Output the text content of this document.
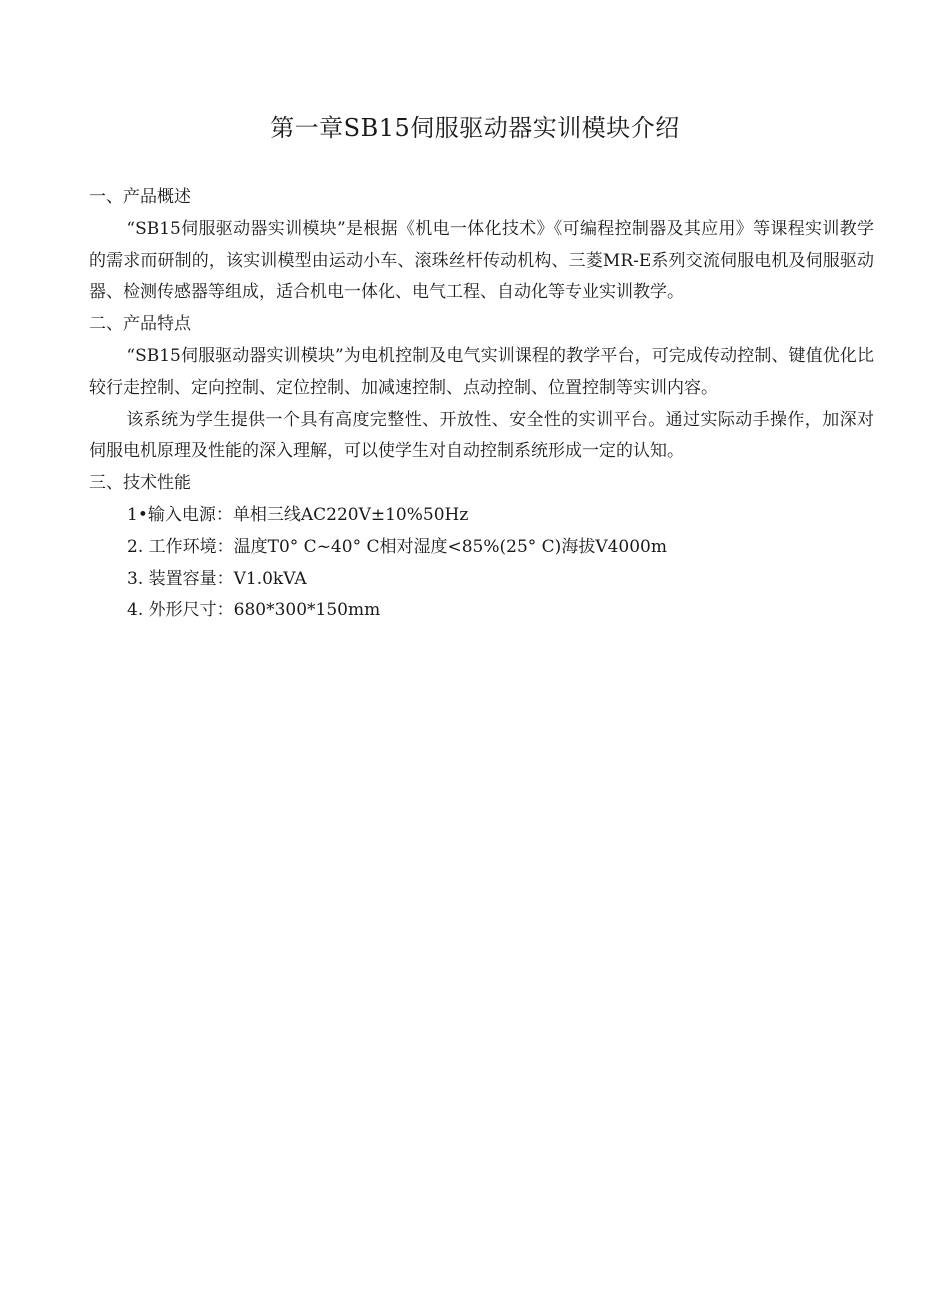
第一章SB15伺服驱动器实训模块介绍

一、产品概述

“SB15伺服驱动器实训模块”是根据《机电一体化技术》《可编程控制器及其应用》等课程实训教学的需求而研制的，该实训模型由运动小车、滚珠丝杆传动机构、三菱MR-E系列交流伺服电机及伺服驱动器、检测传感器等组成，适合机电一体化、电气工程、自动化等专业实训教学。

二、产品特点

“SB15伺服驱动器实训模块”为电机控制及电气实训课程的教学平台，可完成传动控制、键值优化比较行走控制、定向控制、定位控制、加减速控制、点动控制、位置控制等实训内容。

该系统为学生提供一个具有高度完整性、开放性、安全性的实训平台。通过实际动手操作，加深对伺服电机原理及性能的深入理解，可以使学生对自动控制系统形成一定的认知。

三、技术性能

1•输入电源：单相三线AC220V±10%50Hz

2. 工作环境：温度T0° C~40° C相对湿度<85%(25° C)海拔V4000m

3. 装置容量：V1.0kVA

4. 外形尺寸：680*300*150mm
